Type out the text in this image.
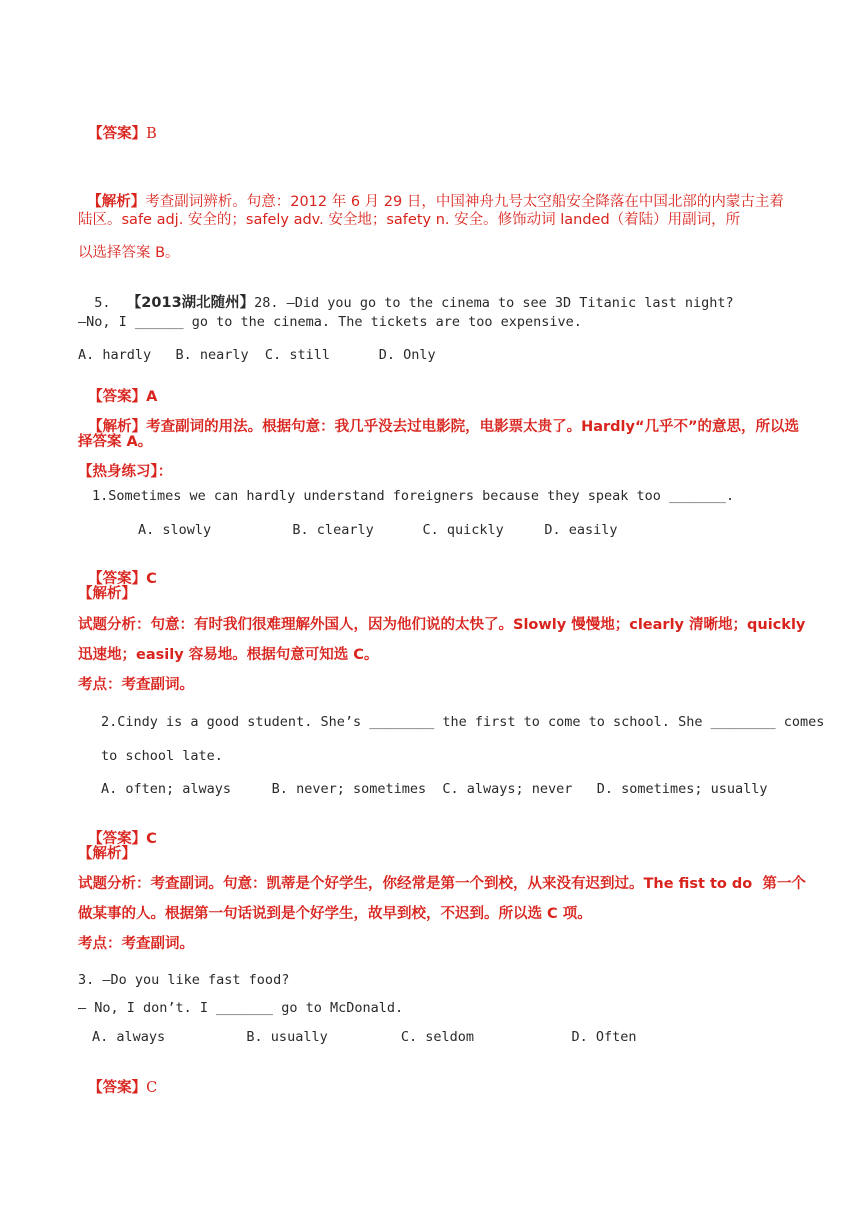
【答案】B

【解析】考查副词辨析。句意：2012 年 6 月 29 日，中国神舟九号太空船安全降落在中国北部的内蒙古主着

陆区。safe adj. 安全的；safely adv. 安全地；safety n. 安全。修饰动词 landed（着陆）用副词，所
以选择答案 B。

5. 【2013湖北随州】28. —Did you go to the cinema to see 3D Titanic last night?

—No, I ______ go to the cinema. The tickets are too expensive.
A. hardly   B. nearly  C. still      D. Only

【答案】A

【解析】考查副词的用法。根据句意：我几乎没去过电影院，电影票太贵了。Hardly“几乎不”的意思，所以选

择答案 A。
【热身练习】：
1.Sometimes we can hardly understand foreigners because they speak too _______.
A. slowly          B. clearly      C. quickly     D. easily

【答案】C

【解析】
试题分析：句意：有时我们很难理解外国人，因为他们说的太快了。Slowly 慢慢地；clearly 清晰地；quickly
迅速地；easily 容易地。根据句意可知选 C。
考点：考查副词。
2.Cindy is a good student. She’s ________ the first to come to school. She ________ comes
to school late.
A. often; always     B. never; sometimes  C. always; never   D. sometimes; usually

【答案】C

【解析】
试题分析：考查副词。句意：凯蒂是个好学生，你经常是第一个到校，从来没有迟到过。The fist to do  第一个
做某事的人。根据第一句话说到是个好学生，故早到校，不迟到。所以选 C 项。
考点：考查副词。
3. —Do you like fast food?
— No, I don’t. I _______ go to McDonald.
A. always          B. usually         C. seldom            D. Often

【答案】C
